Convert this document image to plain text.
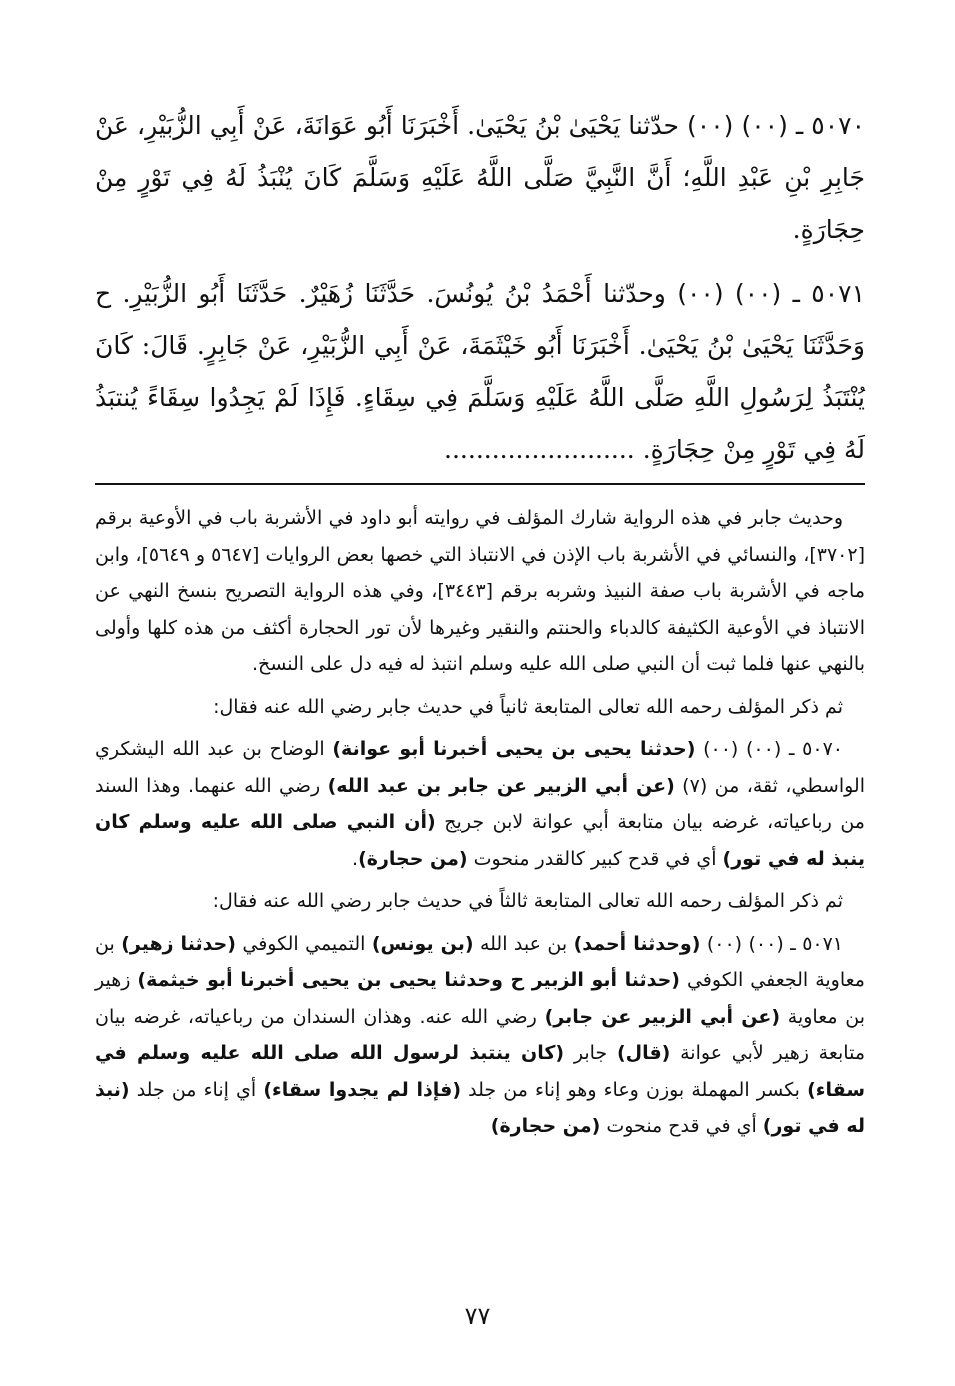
٥٠٧٠ ـ (٠٠) (٠٠) حدّثنا يَحْيَىٰ بْنُ يَحْيَىٰ. أَخْبَرَنَا أَبُو عَوَانَةَ، عَنْ أَبِي الزُّبَيْرِ، عَنْ جَابِرِ بْنِ عَبْدِ اللَّهِ؛ أَنَّ النَّبِيَّ صَلَّى اللَّهُ عَلَيْهِ وَسَلَّمَ كَانَ يُنْبَذُ لَهُ فِي تَوْرٍ مِنْ حِجَارَةٍ.

٥٠٧١ ـ (٠٠) (٠٠) وحدّثنا أَحْمَدُ بْنُ يُونُسَ. حَدَّثَنَا زُهَيْرٌ. حَدَّثَنَا أَبُو الزُّبَيْرِ. ح وَحَدَّثَنَا يَحْيَىٰ بْنُ يَحْيَىٰ. أَخْبَرَنَا أَبُو خَيْثَمَةَ، عَنْ أَبِي الزُّبَيْرِ، عَنْ جَابِرٍ. قَالَ: كَانَ يُنْتَبَذُ لِرَسُولِ اللَّهِ صَلَّى اللَّهُ عَلَيْهِ وَسَلَّمَ فِي سِقَاءٍ. فَإِذَا لَمْ يَجِدُوا سِقَاءً يُنتبَذُ لَهُ فِي تَوْرٍ مِنْ حِجَارَةٍ. ........................

وحديث جابر في هذه الرواية شارك المؤلف في روايته أبو داود في الأشربة باب في الأوعية برقم [٣٧٠٢]، والنسائي في الأشربة باب الإذن في الانتباذ التي خصها بعض الروايات [٥٦٤٧ و ٥٦٤٩]، وابن ماجه في الأشربة باب صفة النبيذ وشربه برقم [٣٤٤٣]، وفي هذه الرواية التصريح بنسخ النهي عن الانتباذ في الأوعية الكثيفة كالدباء والحنتم والنقير وغيرها لأن تور الحجارة أكثف من هذه كلها وأولى بالنهي عنها فلما ثبت أن النبي صلى الله عليه وسلم انتبذ له فيه دل على النسخ.

ثم ذكر المؤلف رحمه الله تعالى المتابعة ثانياً في حديث جابر رضي الله عنه فقال:

٥٠٧٠ ـ (٠٠) (٠٠) (حدثنا يحيى بن يحيى أخبرنا أبو عوانة) الوضاح بن عبد الله اليشكري الواسطي، ثقة، من (٧) (عن أبي الزبير عن جابر بن عبد الله) رضي الله عنهما. وهذا السند من رباعياته، غرضه بيان متابعة أبي عوانة لابن جريج (أن النبي صلى الله عليه وسلم كان ينبذ له في تور) أي في قدح كبير كالقدر منحوت (من حجارة).

ثم ذكر المؤلف رحمه الله تعالى المتابعة ثالثاً في حديث جابر رضي الله عنه فقال:

٥٠٧١ ـ (٠٠) (٠٠) (وحدثنا أحمد) بن عبد الله (بن يونس) التميمي الكوفي (حدثنا زهير) بن معاوية الجعفي الكوفي (حدثنا أبو الزبير ح وحدثنا يحيى بن يحيى أخبرنا أبو خيثمة) زهير بن معاوية (عن أبي الزبير عن جابر) رضي الله عنه. وهذان السندان من رباعياته، غرضه بيان متابعة زهير لأبي عوانة (قال) جابر (كان ينتبذ لرسول الله صلى الله عليه وسلم في سقاء) بكسر المهملة بوزن وعاء وهو إناء من جلد (فإذا لم يجدوا سقاء) أي إناء من جلد (نبذ له في تور) أي في قدح منحوت (من حجارة)

٧٧
